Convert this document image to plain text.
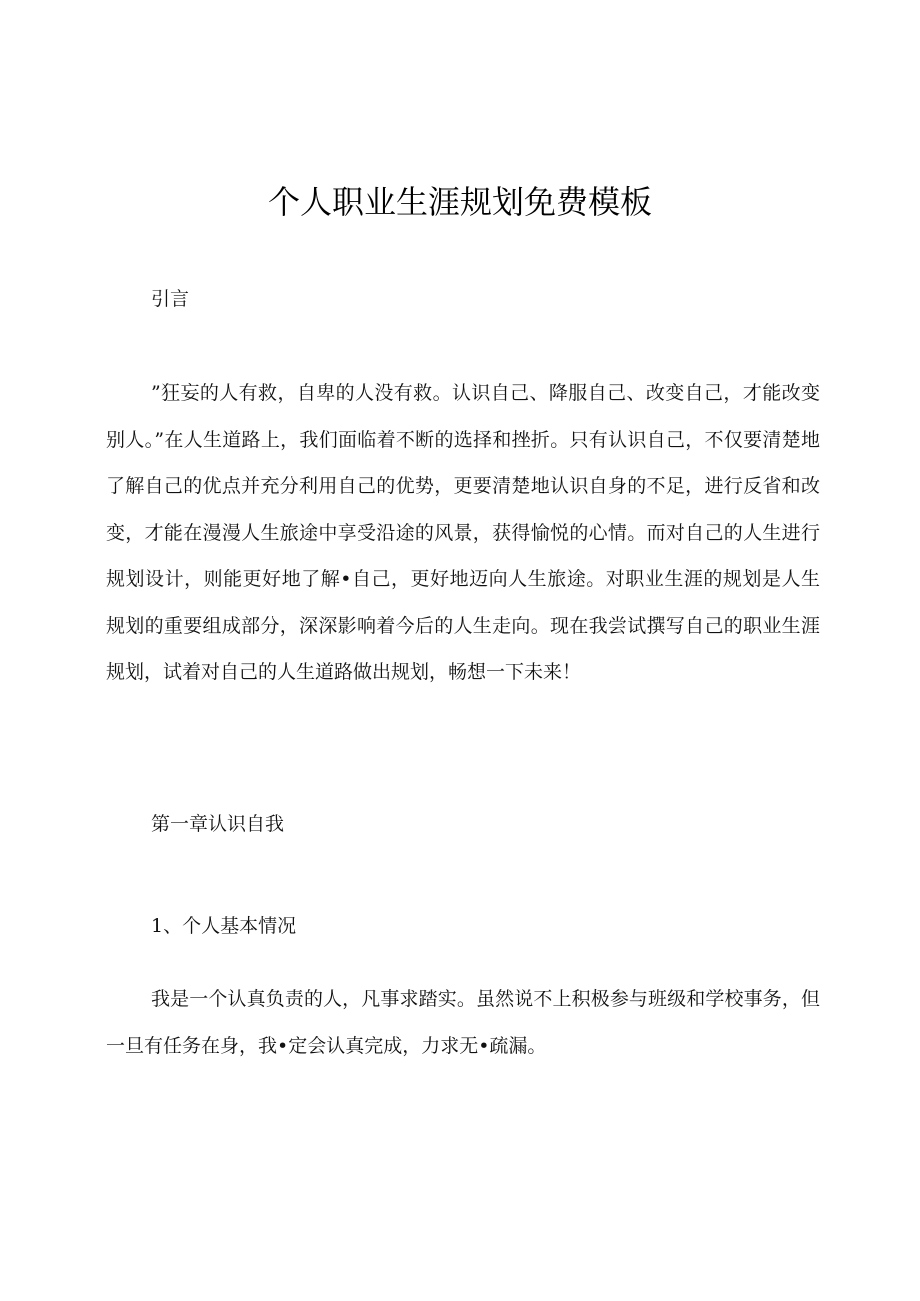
个人职业生涯规划免费模板
引言

”狂妄的人有救，自卑的人没有救。认识自己、降服自己、改变自己，才能改变别人。”在人生道路上，我们面临着不断的选择和挫折。只有认识自己，不仅要清楚地了解自己的优点并充分利用自己的优势，更要清楚地认识自身的不足，进行反省和改变，才能在漫漫人生旅途中享受沿途的风景，获得愉悦的心情。而对自己的人生进行规划设计，则能更好地了解•自己，更好地迈向人生旅途。对职业生涯的规划是人生规划的重要组成部分，深深影响着今后的人生走向。现在我尝试撰写自己的职业生涯规划，试着对自己的人生道路做出规划，畅想一下未来！

第一章认识自我
1、个人基本情况

我是一个认真负责的人，凡事求踏实。虽然说不上积极参与班级和学校事务，但一旦有任务在身，我•定会认真完成，力求无•疏漏。
